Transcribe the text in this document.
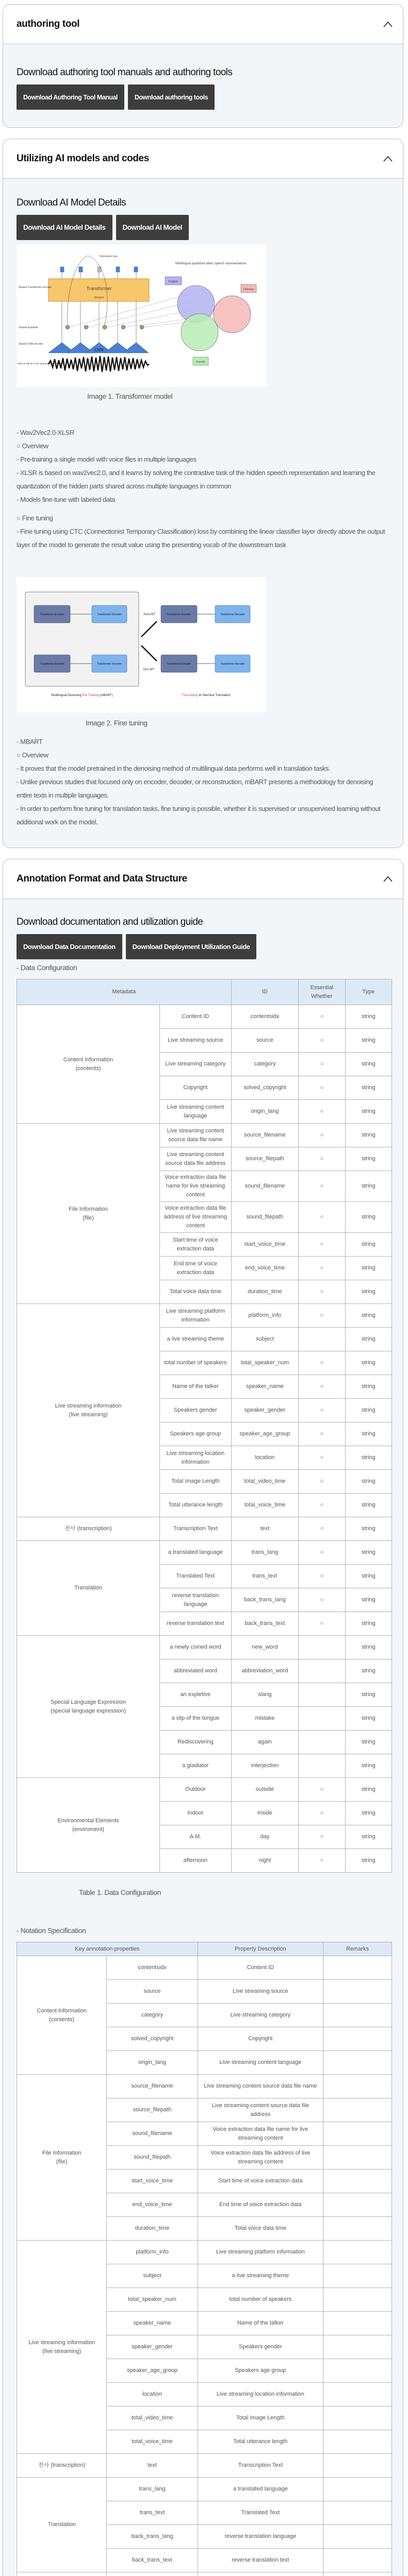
authoring tool
Download authoring tool manuals and authoring tools
Download Authoring Tool Manual	Download authoring tools
Utilizing AI models and codes
Download AI Model Details
Download AI Model Details	Download AI Model
Transformer
Masked
Contrastive loss
Multilingual quantized latent speech representations
Shared Transformer encoder
Shared quantizer
Shared CNN encoder
Speech signal in any language (e.g. English)
CNN
English
Chinese
French
Image 1. Transformer model
- Wav2Vec2.0-XLSR
○ Overview
- Pre-training a single model with voice files in multiple languages
- XLSR is based on wav2vec2.0, and it learns by solving the contrastive task of the hidden speech representation and learning the quantization of the hidden parts shared across multiple languages in common
- Models fine-tune with labeled data
○ Fine tuning
- Fine tuning using CTC (Connectionist Temporary Classification) loss by combining the linear classifier layer directly above the output layer of the model to generate the result value using the presenting vocab of the downstream task
Transformer Encoder
Transformer Encoder
Transformer Encoder
Transformer Encoder
Transformer Decoder
Transformer Decoder
Transformer Decoder
Transformer Decoder
Sent-MT
Doc-MT
Multilingual Denoising Pre-Training (mBART)	Fine-tuning on Machine Translation
Image 2. Fine tuning
- MBART
○ Overview
- It proves that the model pretrained in the denoising method of multilingual data performs well in translation tasks.
- Unlike previous studies that focused only on encoder, decoder, or reconstruction, mBART presents a methodology for denoising entire texts in multiple languages.
- In order to perform fine tuning for translation tasks, fine tuning is possible, whether it is supervised or unsupervised learning without additional work on the model.
Annotation Format and Data Structure
Download documentation and utilization guide
Download Data Documentation	Download Deployment Utilization Guide
- Data Configuration
Metadata		ID	Essential Whether	Type
Content Information
(contents)	Content ID	contentsidx	○	string
	Live streaming source	source	○	string
	Live streaming category	category	○	string
	Copyright	solved_copyright	○	string
	Live streaming content language	origin_lang	○	string
File Information
(file)	Live streaming content source data file name	source_filename	○	string
	Live streaming content source data file address	source_filepath	○	string
	Voice extraction data file name for live streaming content	sound_filename	○	string
	Voice extraction data file address of live streaming content	sound_filepath	○	string
	Start time of voice extraction data	start_voice_time	○	string
	End time of voice extraction data	end_voice_time	○	string
	Total voice data time	duration_time	○	string
Live streaming information
(live streaming)	Live streaming platform information	platform_info	○	string
	a live streaming theme	subject		string
	total number of speakers	total_speaker_num	○	string
	Name of the talker	speaker_name	○	string
	Speakers gender	speaker_gender	○	string
	Speakers age group	speaker_age_group	○	string
	Live streaming location information	location	○	string
	Total Image Length	total_video_time	○	string
	Total utterance length	total_voice_time	○	string
전사 (transcription)	Transcription Text	text	○	string
Translation	a translated language	trans_lang	○	string
	Translated Text	trans_text	○	string
	reverse translation language	back_trans_lang	○	string
	reverse translation text	back_trans_text	○	string
Special Language Expression
(special language expression)	a newly coined word	new_word		string
	abbreviated word	abbreviation_word		string
	an expletive	slang		string
	a slip of the tongue	mistake		string
	Rediscovering	again		string
	a gladiator	interjection		string
Environmental Elements
(enviroment)	Outdoor	outside	○	string
	Indoor	inside	○	string
	A.M.	day	○	string
	afternoon	night	○	string
Table 1. Data Configuration
- Notation Specification
Key annotation properties		Property Description	Remarks
Content Information
(contents)	contentsidx	Content ID	
	source	Live streaming source	
	category	Live streaming category	
	solved_copyright	Copyright	
	origin_lang	Live streaming content language	
File Information
(file)	source_filename	Live streaming content source data file name	
	source_filepath	Live streaming content source data file address	
	sound_filename	Voice extraction data file name for live streaming content	
	sound_filepath	Voice extraction data file address of live streaming content	
	start_voice_time	Start time of voice extraction data	
	end_voice_time	End time of voice extraction data	
	duration_time	Total voice data time	
Live streaming information
(live streaming)	platform_info	Live streaming platform information	
	subject	a live streaming theme	
	total_speaker_num	total number of speakers	
	speaker_name	Name of the talker	
	speaker_gender	Speakers gender	
	speaker_age_group	Speakers age group	
	location	Live streaming location information	
	total_video_time	Total Image Length	
	total_voice_time	Total utterance length	
전사 (transcription)	text	Transcription Text	
Translation	trans_lang	a translated language	
	trans_text	Translated Text	
	back_trans_lang	reverse translation language	
	back_trans_text	reverse translation text	
